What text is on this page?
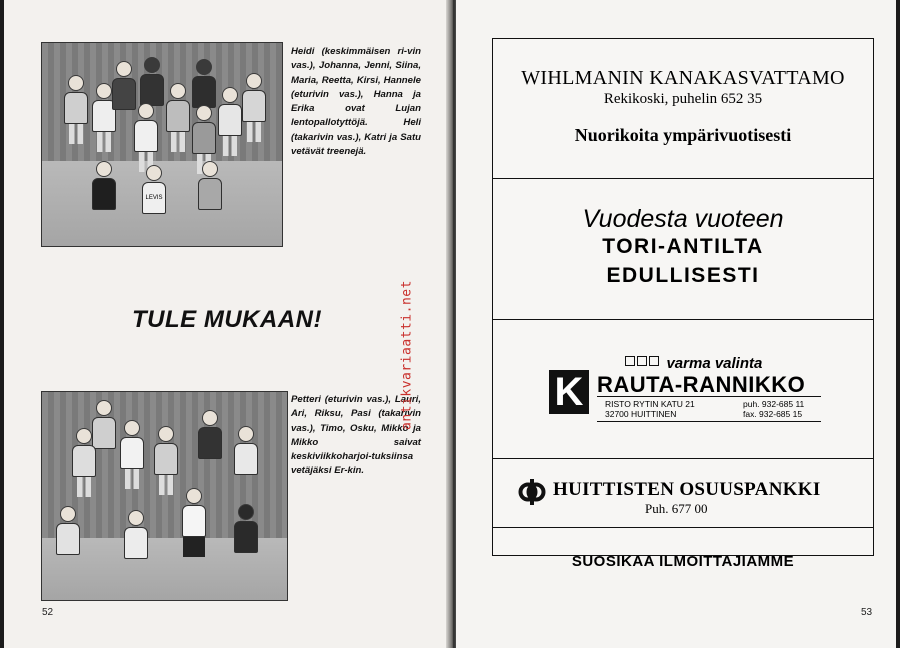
LEVIS
Heidi (keskimmäisen ri-vin vas.), Johanna, Jenni, Siina, Maria, Reetta, Kirsi, Hannele (eturivin vas.), Hanna ja Erika ovat Lujan lentopallotyttöjä. Heli (takarivin vas.), Katri ja Satu vetävät treenejä.
TULE MUKAAN!
Petteri (eturivin vas.), Lauri, Ari, Riksu, Pasi (takarivin vas.), Timo, Osku, Mikko ja Mikko saivat keskiviikkoharjoi-tuksiinsa vetäjäksi Er-kin.
52
antikvariaatti.net
WIHLMANIN KANAKASVATTAMO
Rekikoski, puhelin 652 35
Nuorikoita ympärivuotisesti
Vuodesta vuoteen
TORI-ANTILTA
EDULLISESTI
varma valinta
K RAUTA-RANNIKKO
RISTO RYTIN KATU 21
32700 HUITTINEN
puh. 932-685 11
fax. 932-685 15
HUITTISTEN OSUUSPANKKI
Puh. 677 00
SUOSIKAA ILMOITTAJIAMME
53
